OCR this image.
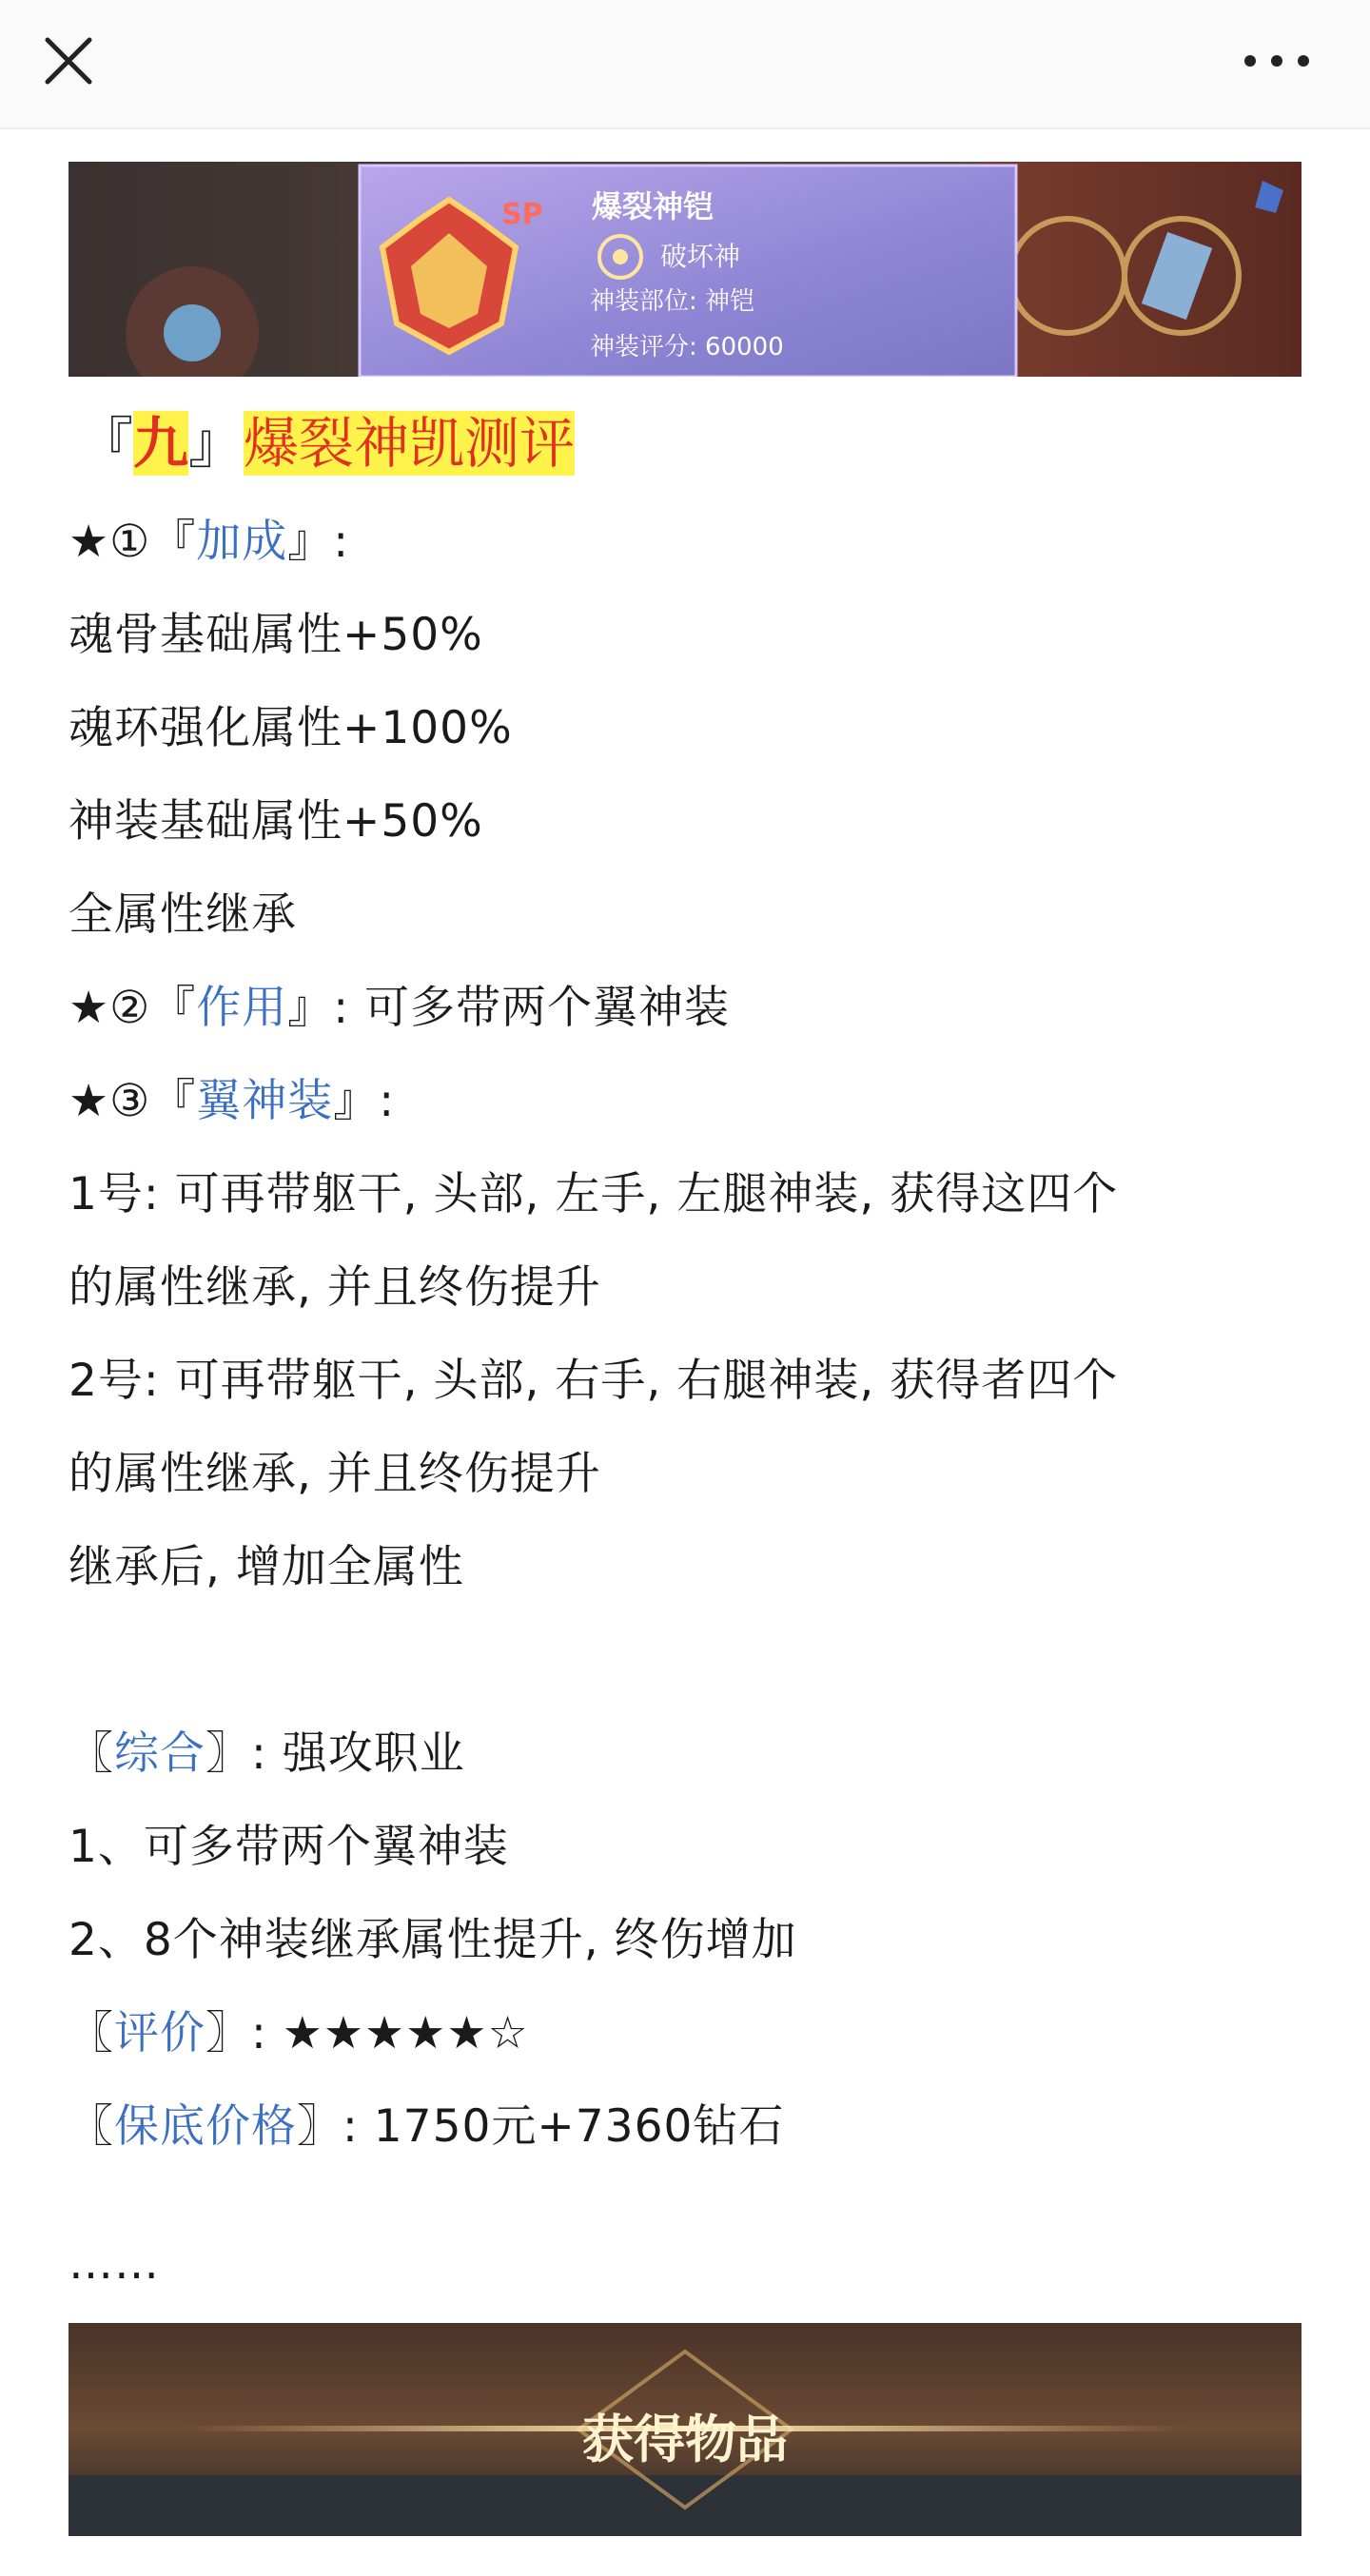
SP 爆裂神铠
破坏神
神装部位: 神铠
神装评分: 60000
『九』爆裂神凯测评
★①『加成』:
魂骨基础属性+50%
魂环强化属性+100%
神装基础属性+50%
全属性继承
★②『作用』: 可多带两个翼神装
★③『翼神装』:
1号: 可再带躯干, 头部, 左手, 左腿神装, 获得这四个
的属性继承, 并且终伤提升
2号: 可再带躯干, 头部, 右手, 右腿神装, 获得者四个
的属性继承, 并且终伤提升
继承后, 增加全属性
〖综合〗: 强攻职业
1、可多带两个翼神装
2、8个神装继承属性提升, 终伤增加
〖评价〗: ★★★★★☆
〖保底价格〗: 1750元+7360钻石
……
获得物品
